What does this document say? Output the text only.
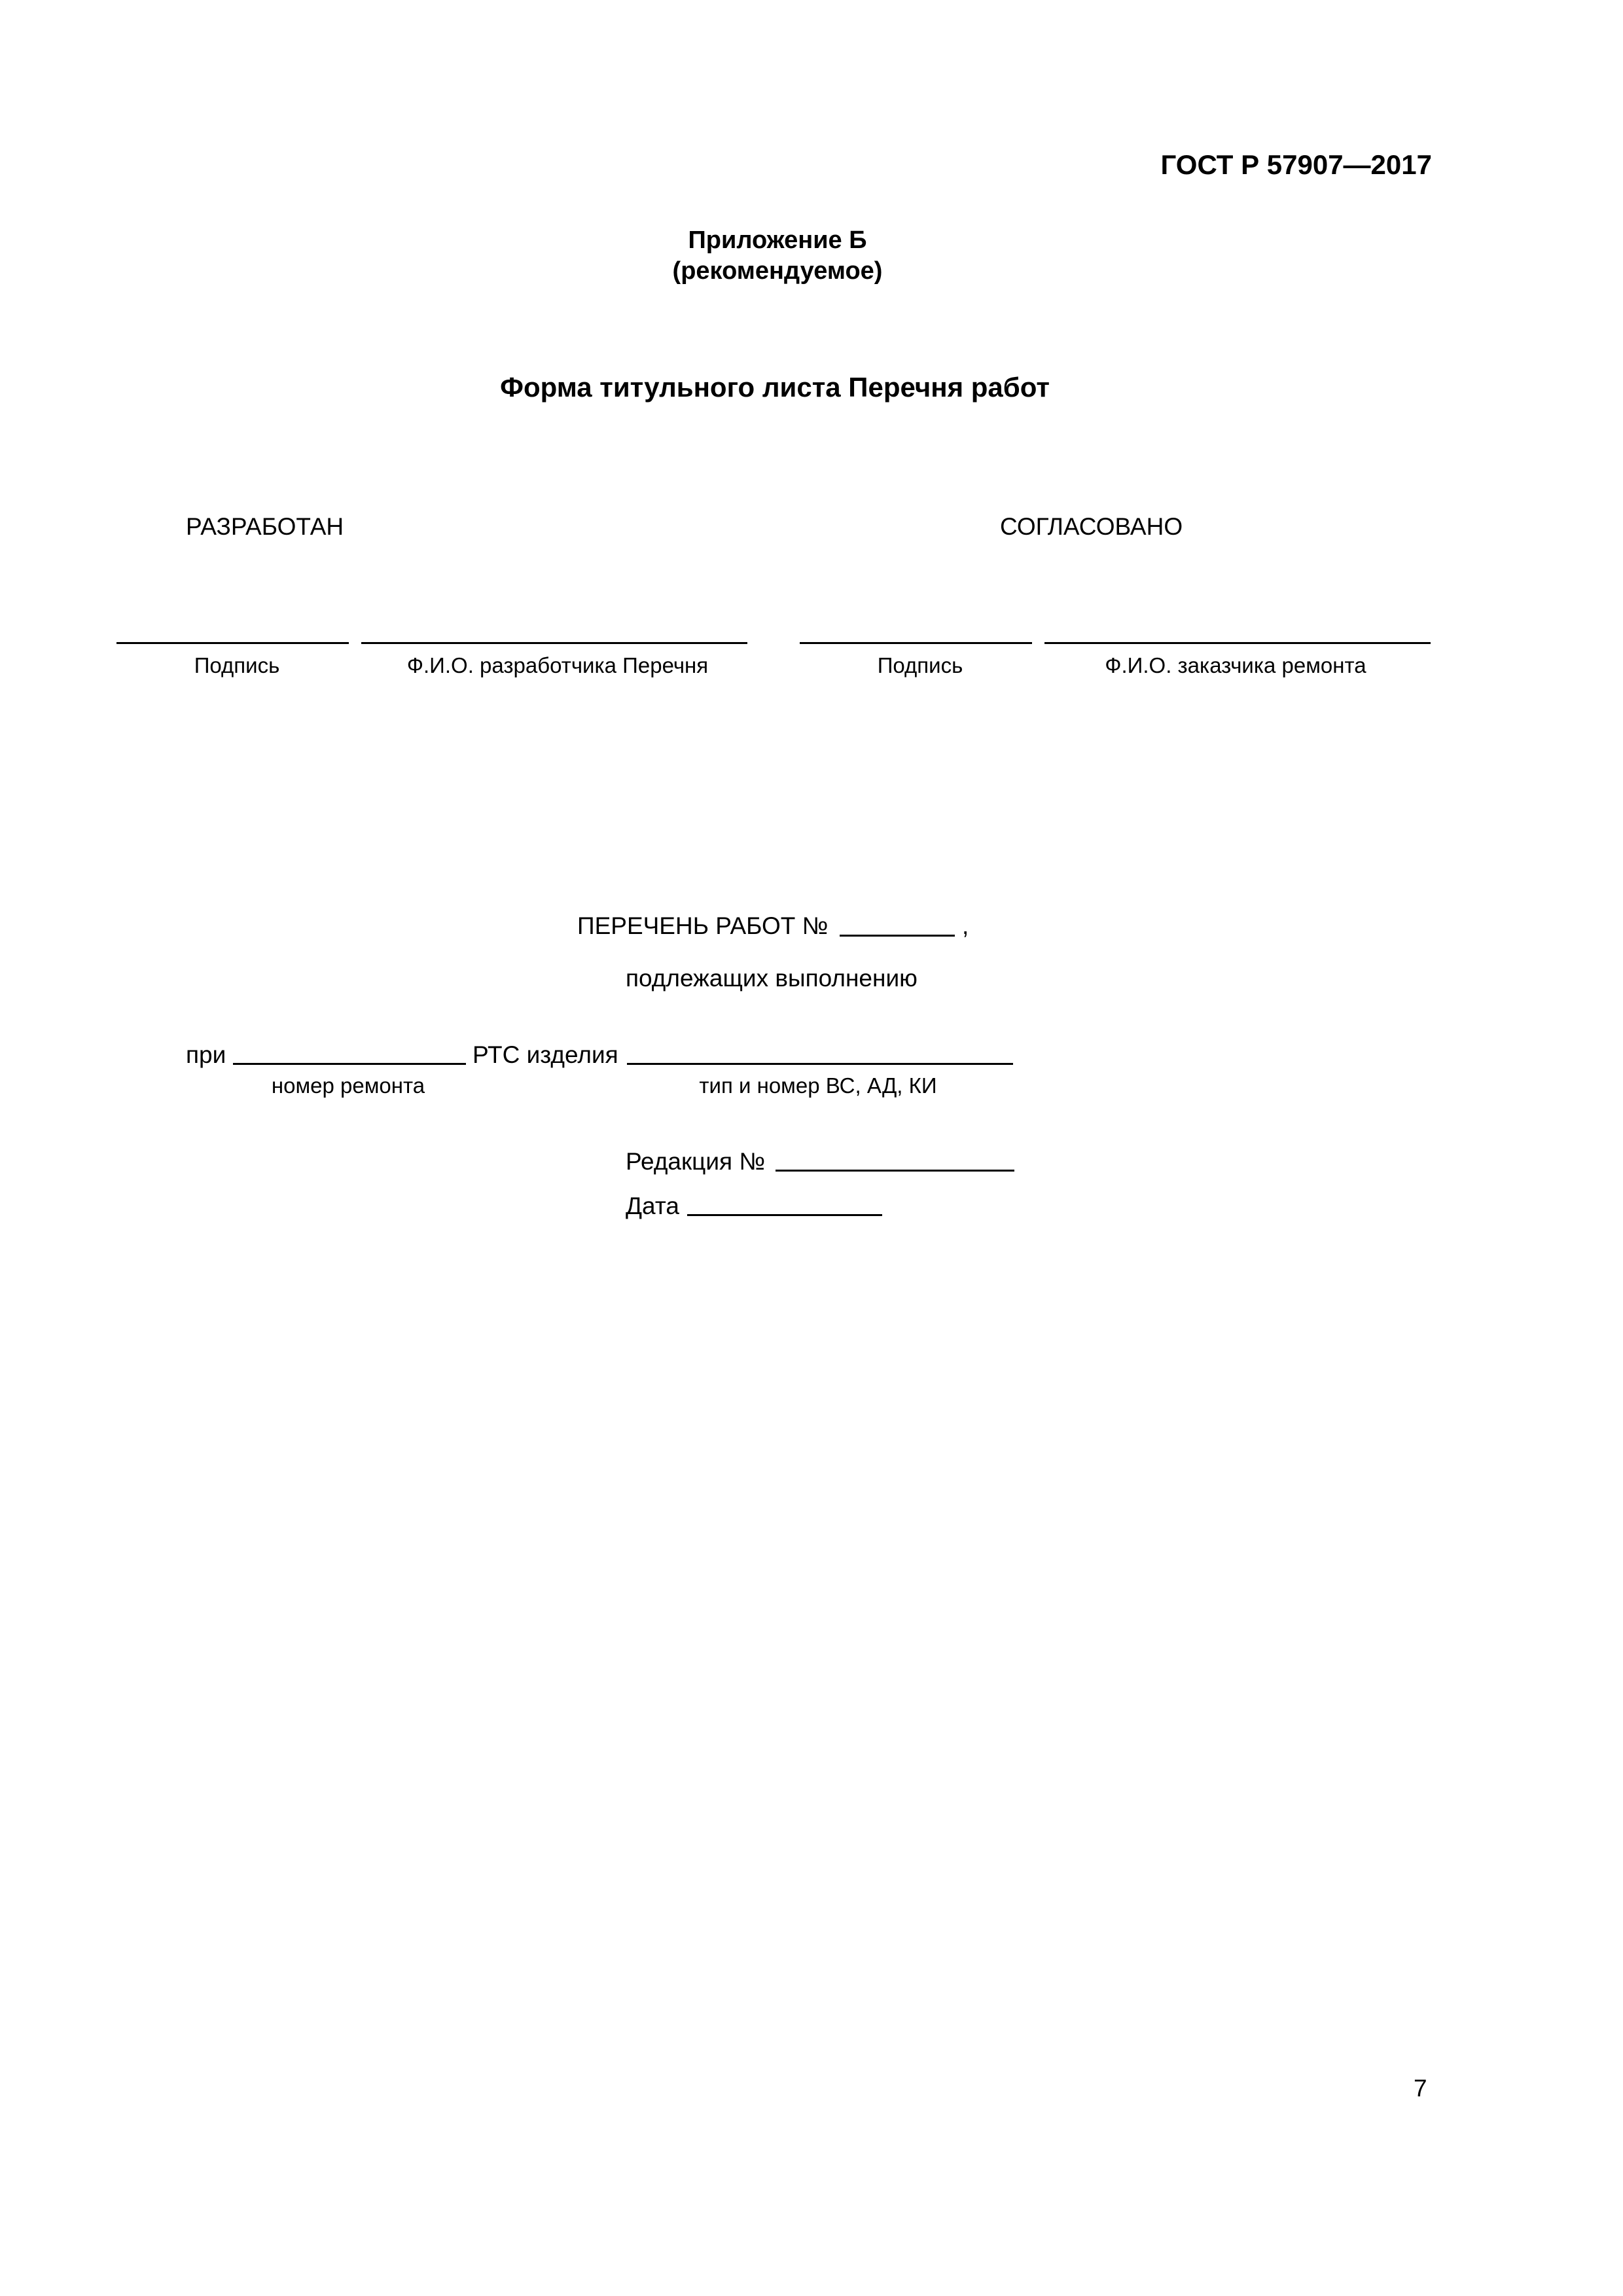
ГОСТ Р 57907—2017
Приложение Б
(рекомендуемое)
Форма титульного листа Перечня работ
РАЗРАБОТАН
Подпись	Ф.И.О. разработчика Перечня
СОГЛАСОВАНО
Подпись	Ф.И.О. заказчика ремонта
ПЕРЕЧЕНЬ РАБОТ №	,
подлежащих выполнению
при	РТС изделия
номер ремонта	тип и номер ВС, АД, КИ
Редакция №
Дата
7
